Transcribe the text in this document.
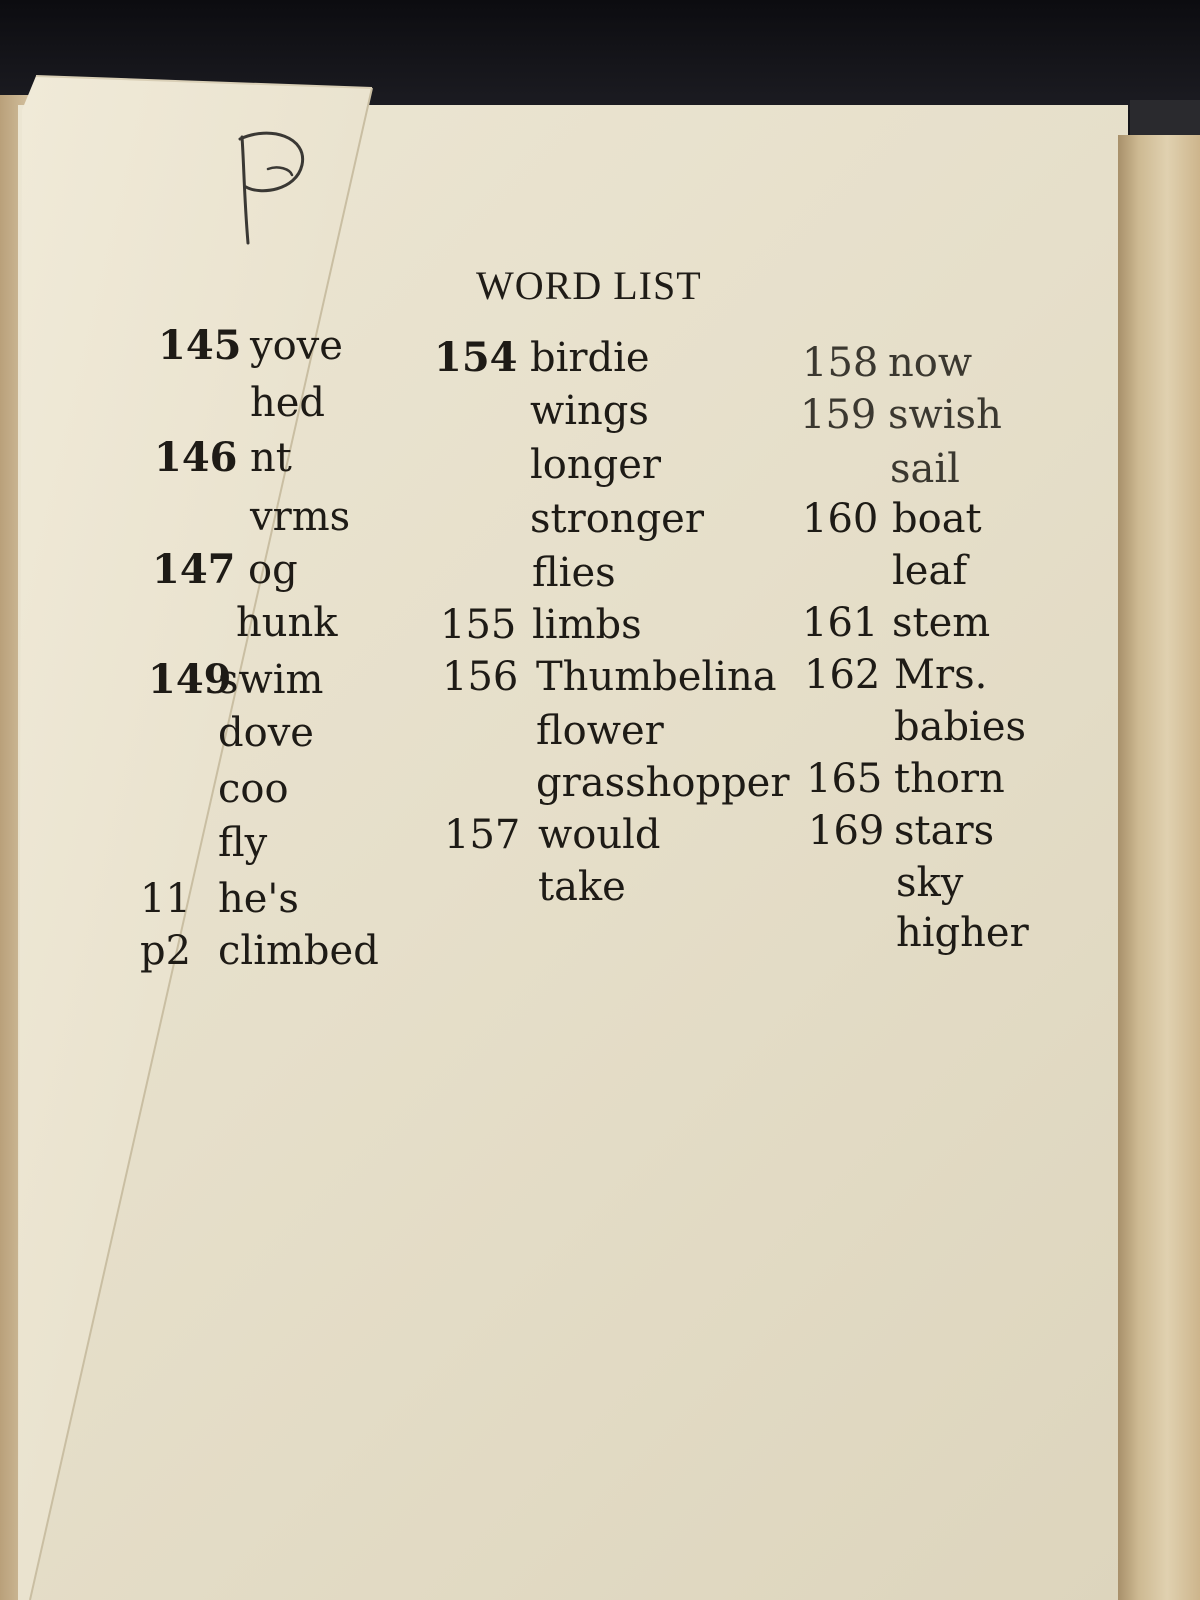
WORD LIST
145 yove
hed
146 nt
vrms
147 og
hunk
149swim
dove
coo
fly
11 he's
p2 climbed
154 birdie
wings
longer
stronger
flies
155 limbs
156 Thumbelina
flower
grasshopper
157 would
take
158 now
159 swish
sail
160 boat
leaf
161 stem
162 Mrs.
babies
165 thorn
169 stars
sky
higher
